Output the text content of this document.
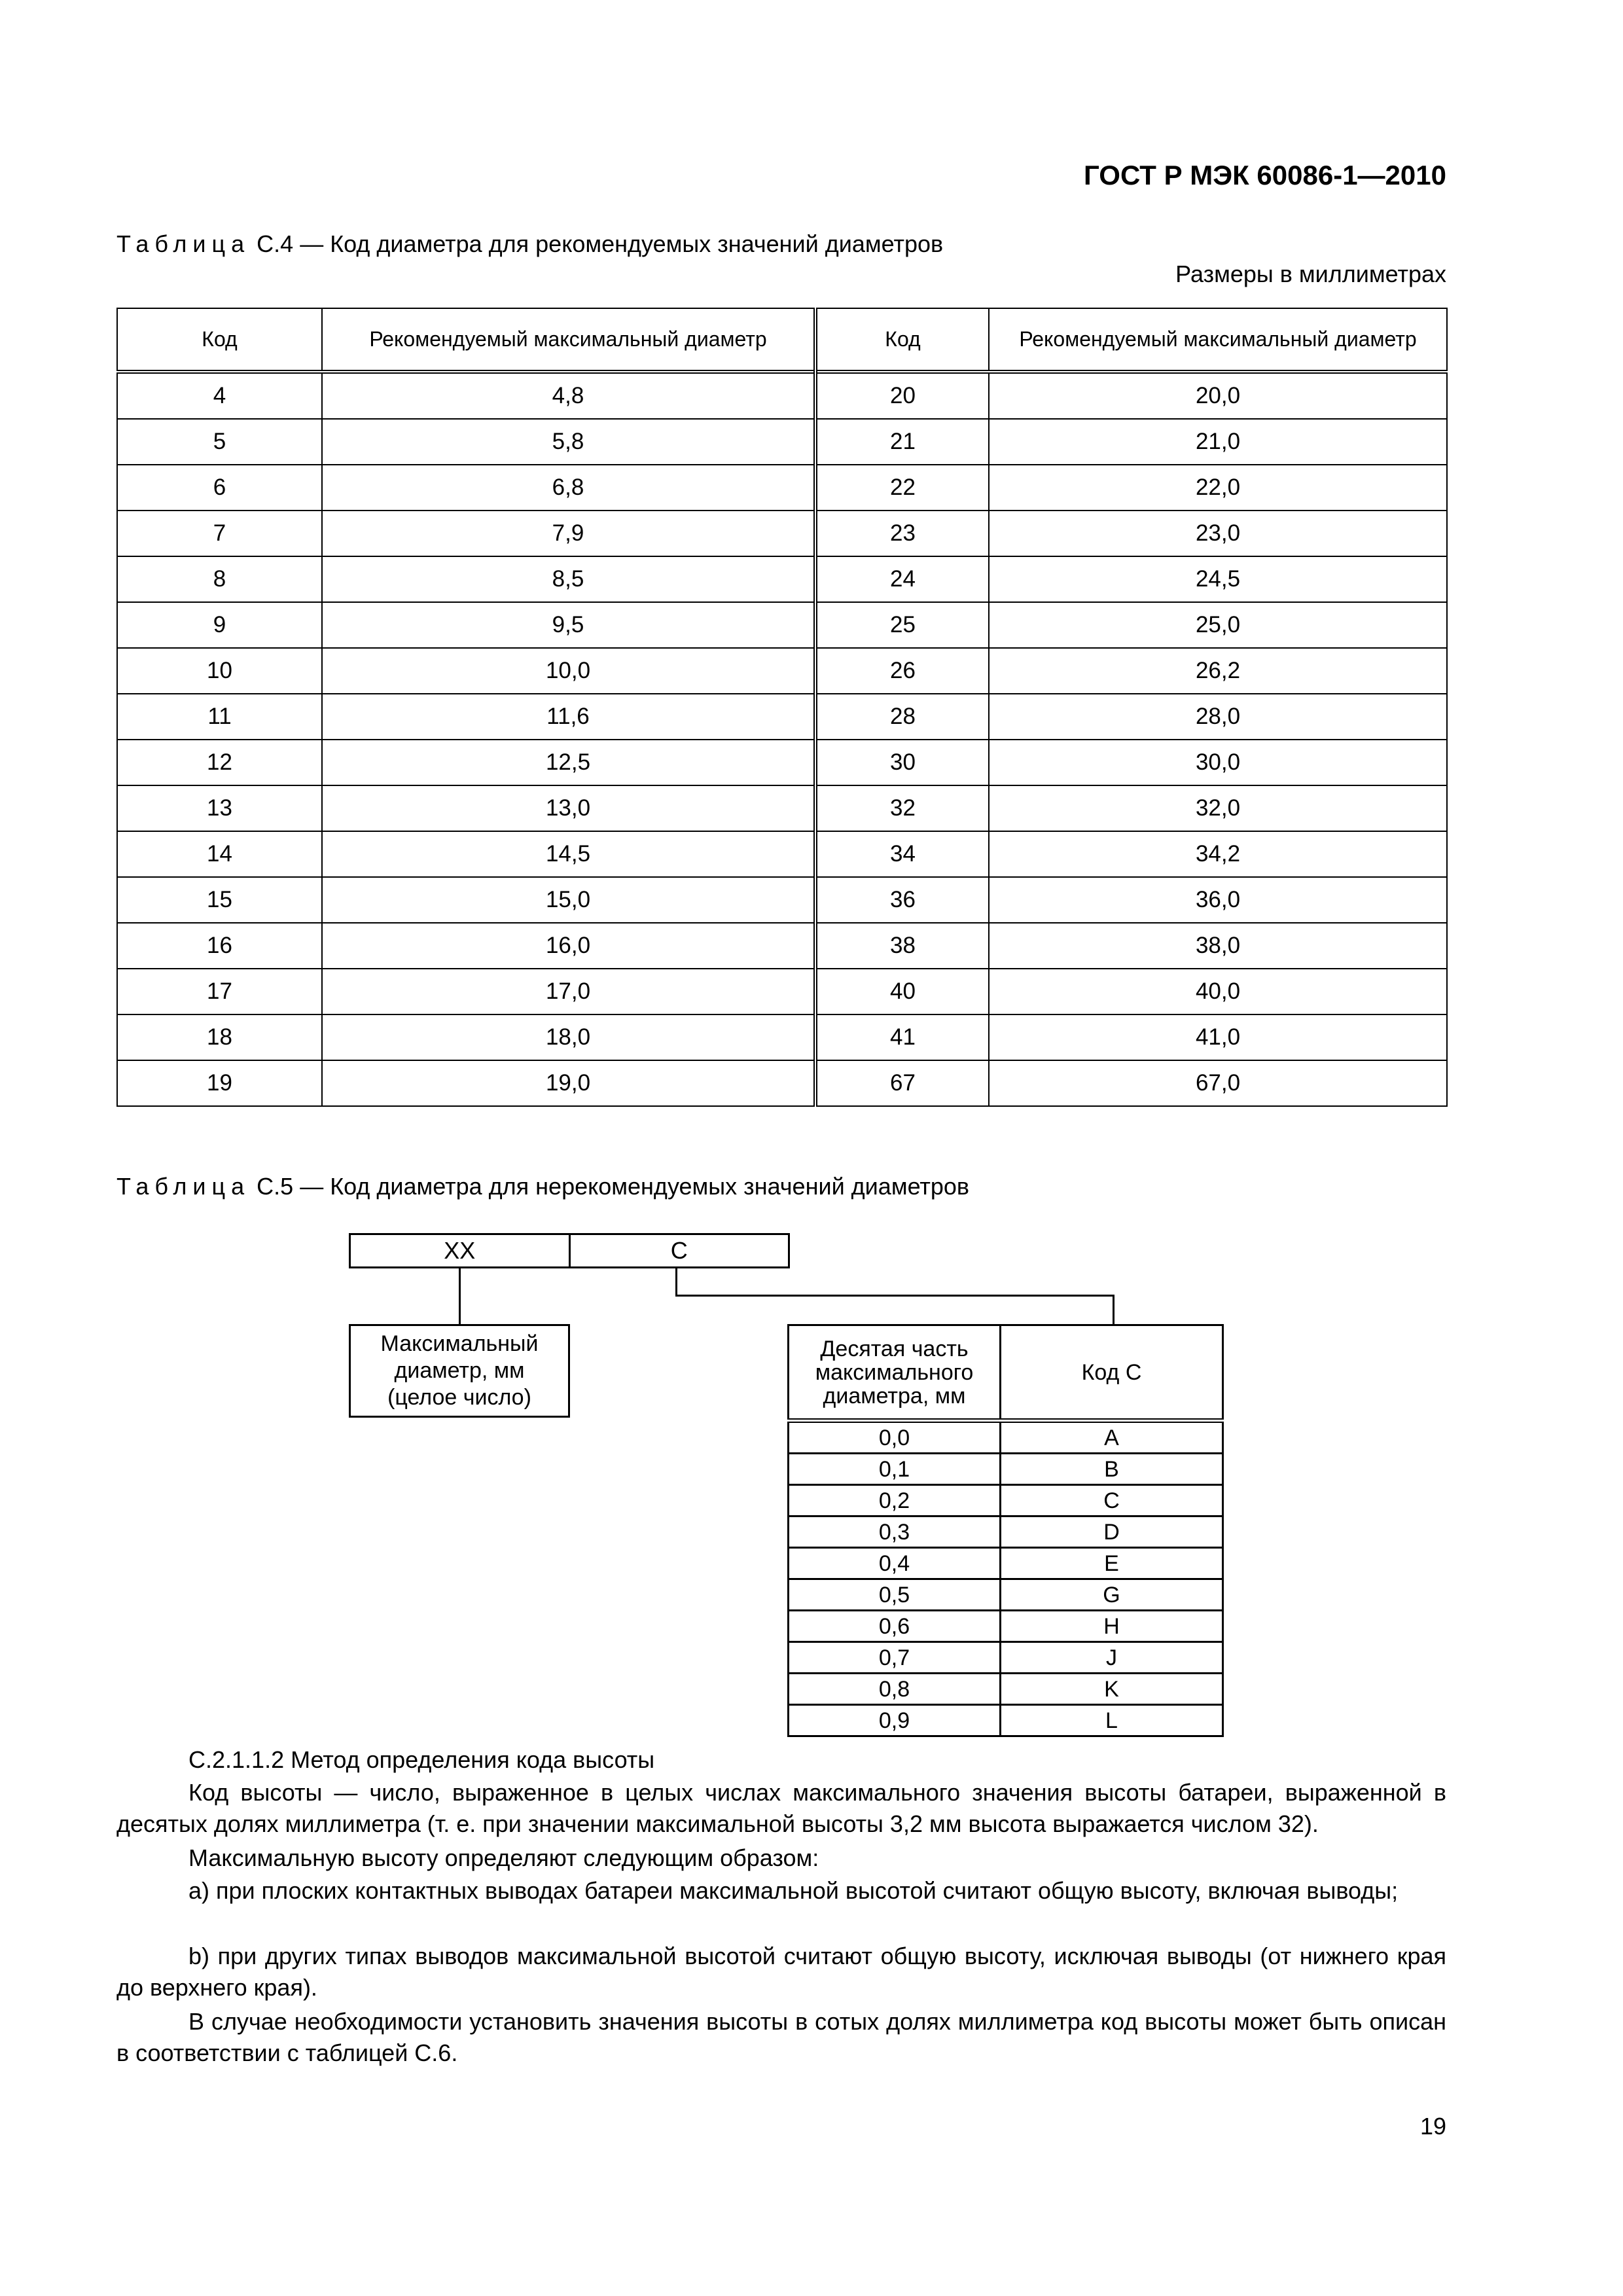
ГОСТ Р МЭК 60086-1—2010
Таблица С.4 — Код диаметра для рекомендуемых значений диаметров
Размеры в миллиметрах
Код	Рекомендуемый максимальный диаметр	Код	Рекомендуемый максимальный диаметр
4	4,8	20	20,0
5	5,8	21	21,0
6	6,8	22	22,0
7	7,9	23	23,0
8	8,5	24	24,5
9	9,5	25	25,0
10	10,0	26	26,2
11	11,6	28	28,0
12	12,5	30	30,0
13	13,0	32	32,0
14	14,5	34	34,2
15	15,0	36	36,0
16	16,0	38	38,0
17	17,0	40	40,0
18	18,0	41	41,0
19	19,0	67	67,0
Таблица С.5 — Код диаметра для нерекомендуемых значений диаметров
XX	C
Максимальный
диаметр, мм
(целое число)
Десятая часть
максимального
диаметра, мм	Код С
0,0	A
0,1	B
0,2	C
0,3	D
0,4	E
0,5	G
0,6	H
0,7	J
0,8	K
0,9	L
С.2.1.1.2 Метод определения кода высоты
Код высоты — число, выраженное в целых числах максимального значения высоты батареи, выраженной в десятых долях миллиметра (т. е. при значении максимальной высоты 3,2 мм высота выражается числом 32).
Максимальную высоту определяют следующим образом:
a) при плоских контактных выводах батареи максимальной высотой считают общую высоту, включая выводы;
b) при других типах выводов максимальной высотой считают общую высоту, исключая выводы (от нижнего края до верхнего края).
В случае необходимости установить значения высоты в сотых долях миллиметра код высоты может быть описан в соответствии с таблицей С.6.
19
